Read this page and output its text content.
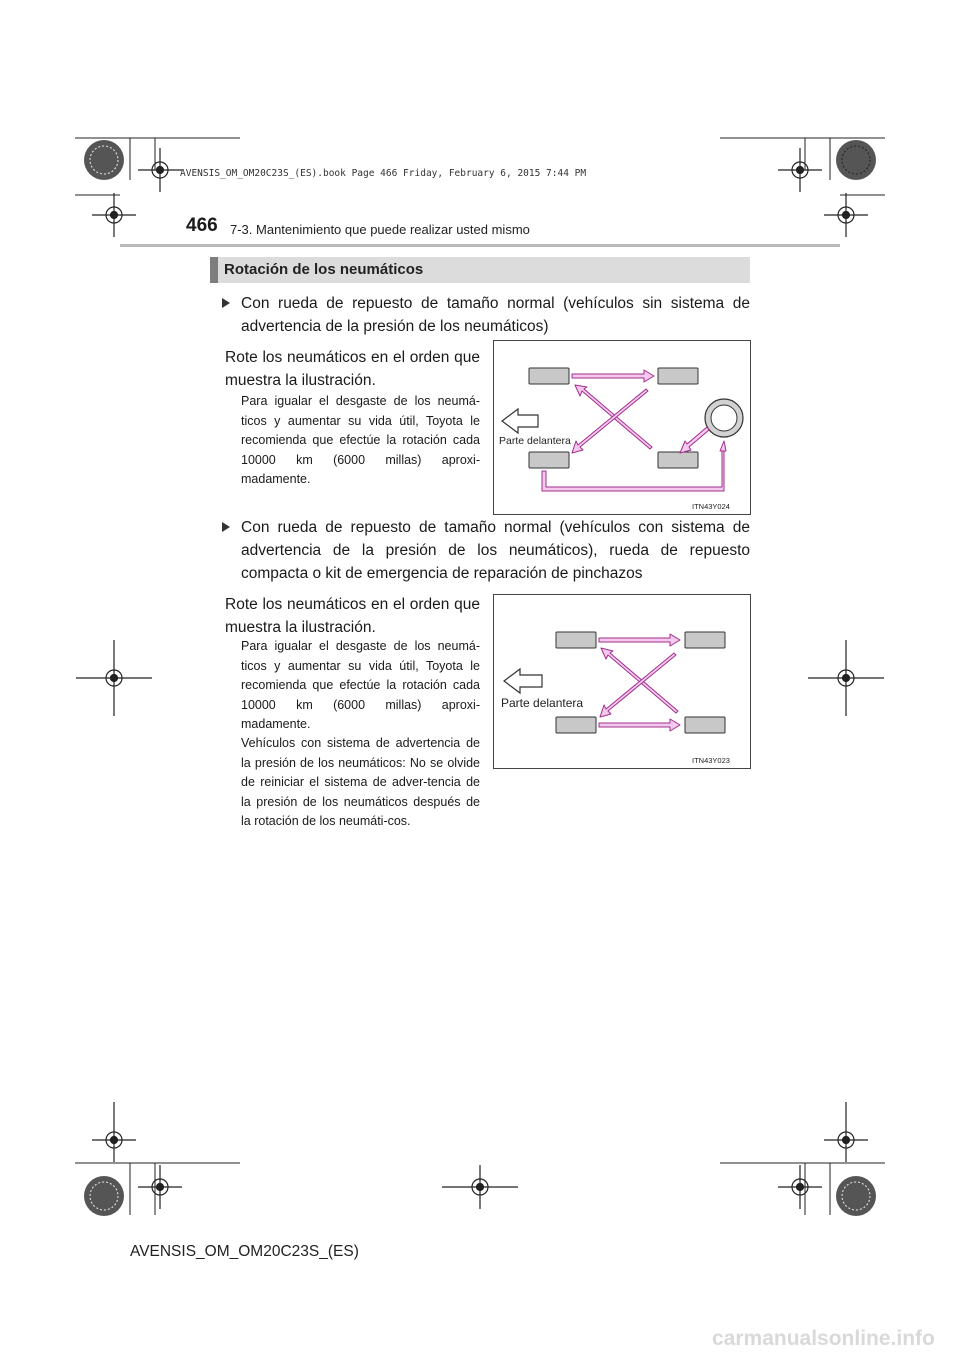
AVENSIS_OM_OM20C23S_(ES).book Page 466 Friday, February 6, 2015 7:44 PM
466 7-3. Mantenimiento que puede realizar usted mismo
Rotación de los neumáticos
Con rueda de repuesto de tamaño normal (vehículos sin sistema de advertencia de la presión de los neumáticos)
Rote los neumáticos en el orden que muestra la ilustración.
Para igualar el desgaste de los neumá-ticos y aumentar su vida útil, Toyota le recomienda que efectúe la rotación cada 10000 km (6000 millas) aproxi-madamente.
Parte delantera
ITN43Y024
Con rueda de repuesto de tamaño normal (vehículos con sistema de advertencia de la presión de los neumáticos), rueda de repuesto compacta o kit de emergencia de reparación de pinchazos
Rote los neumáticos en el orden que muestra la ilustración.
Para igualar el desgaste de los neumá-ticos y aumentar su vida útil, Toyota le recomienda que efectúe la rotación cada 10000 km (6000 millas) aproxi-madamente.
Vehículos con sistema de advertencia de la presión de los neumáticos: No se olvide de reiniciar el sistema de adver-tencia de la presión de los neumáticos después de la rotación de los neumáti-cos.
Parte delantera
ITN43Y023
AVENSIS_OM_OM20C23S_(ES)
carmanualsonline.info
